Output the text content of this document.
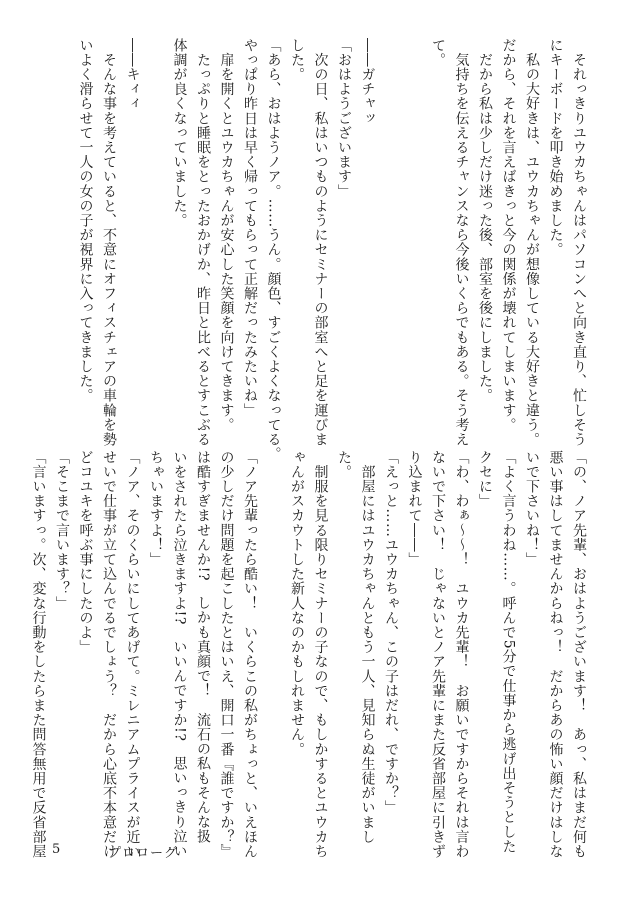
　それっきりユウカちゃんはパソコンへと向き直り、忙しそう
にキーボードを叩き始めました。
　私の大好きは、ユウカちゃんが想像している大好きと違う。
だから、それを言えばきっと今の関係が壊れてしまいます。
　だから私は少しだけ迷った後、部室を後にしました。
　気持ちを伝えるチャンスなら今後いくらでもある。そう考え
て。

――ガチャッ
「おはようございます」
　次の日、私はいつものようにセミナーの部室へと足を運びま
した。
「あら、おはようノア。……うん。顔色、すごくよくなってる。
やっぱり昨日は早く帰ってもらって正解だったみたいね」
　扉を開くとユウカちゃんが安心した笑顔を向けてきます。
　たっぷりと睡眠をとったおかげか、昨日と比べるとすこぶる
体調が良くなっていました。

――キィィ
　そんな事を考えていると、不意にオフィスチェアの車輪を勢
いよく滑らせて一人の女の子が視界に入ってきました。
「の、ノア先輩、おはようございます！　あっ、私はまだ何も
悪い事はしてませんからねっ！　だからあの怖い顔だけはしな
いで下さいね！」
「よく言うわね……。呼んで5分で仕事から逃げ出そうとした
クセに」
「わ、わぁ〜〜！　ユウカ先輩！　お願いですからそれは言わ
ないで下さい！　じゃないとノア先輩にまた反省部屋に引きず
り込まれて――」
「えっと……ユウカちゃん、この子はだれ、ですか？」
　部屋にはユウカちゃんともう一人、見知らぬ生徒がいまし
た。
　制服を見る限りセミナーの子なので、もしかするとユウカち
ゃんがスカウトした新人なのかもしれません。

「ノア先輩ったら酷い！　いくらこの私がちょっと、いえほん
の少しだけ問題を起こしたとはいえ、開口一番『誰ですか？』
は酷すぎませんか!?　しかも真顔で！　流石の私もそんな扱
いをされたら泣きますよ!?　いいんですか!?　思いっきり泣い
ちゃいますよ！」
「ノア、そのくらいにしてあげて。ミレニアムプライスが近い
せいで仕事が立て込んでるでしょう？　だから心底不本意だけ
どコユキを呼ぶ事にしたのよ」
「そこまで言います？」
「言いますっ。次、変な行動をしたらまた問答無用で反省部屋 5	プロローグ
